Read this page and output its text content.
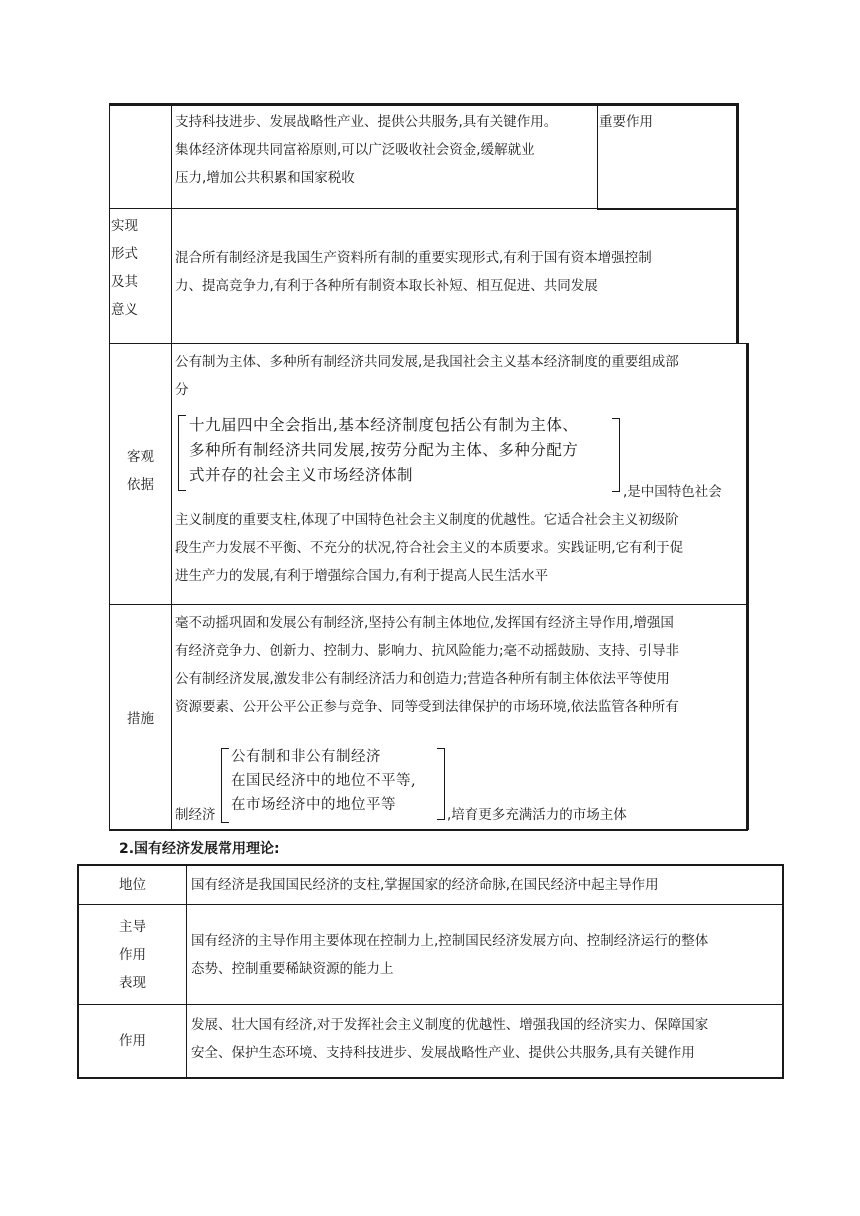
支持科技进步、发展战略性产业、提供公共服务,具有关键作用。
集体经济体现共同富裕原则,可以广泛吸收社会资金,缓解就业
压力,增加公共积累和国家税收
重要作用
实现
形式
及其
意义
混合所有制经济是我国生产资料所有制的重要实现形式,有利于国有资本增强控制
力、提高竞争力,有利于各种所有制资本取长补短、相互促进、共同发展
客观
依据
公有制为主体、多种所有制经济共同发展,是我国社会主义基本经济制度的重要组成部
分
十九届四中全会指出,基本经济制度包括公有制为主体、
多种所有制经济共同发展,按劳分配为主体、多种分配方
式并存的社会主义市场经济体制
,是中国特色社会
主义制度的重要支柱,体现了中国特色社会主义制度的优越性。它适合社会主义初级阶
段生产力发展不平衡、不充分的状况,符合社会主义的本质要求。实践证明,它有利于促
进生产力的发展,有利于增强综合国力,有利于提高人民生活水平
措施
毫不动摇巩固和发展公有制经济,坚持公有制主体地位,发挥国有经济主导作用,增强国
有经济竞争力、创新力、控制力、影响力、抗风险能力;毫不动摇鼓励、支持、引导非
公有制经济发展,激发非公有制经济活力和创造力;营造各种所有制主体依法平等使用
资源要素、公开公平公正参与竞争、同等受到法律保护的市场环境,依法监管各种所有
公有制和非公有制经济
在国民经济中的地位不平等,
在市场经济中的地位平等
制经济	,培育更多充满活力的市场主体
2.国有经济发展常用理论:
地位	国有经济是我国国民经济的支柱,掌握国家的经济命脉,在国民经济中起主导作用
主导
作用
表现
国有经济的主导作用主要体现在控制力上,控制国民经济发展方向、控制经济运行的整体
态势、控制重要稀缺资源的能力上
作用
发展、壮大国有经济,对于发挥社会主义制度的优越性、增强我国的经济实力、保障国家
安全、保护生态环境、支持科技进步、发展战略性产业、提供公共服务,具有关键作用
